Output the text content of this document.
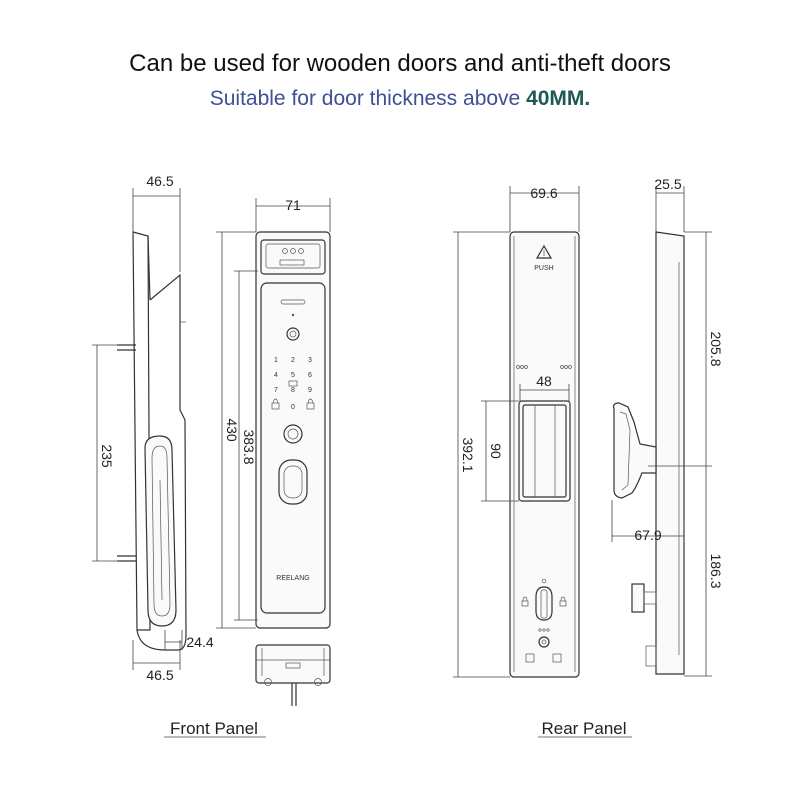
Can be used for wooden doors and anti-theft doors
Suitable for door thickness above 40MM.
46.5
46.5
235
24.4
1 2 3
4 5 6
7 8 9
0
REELANG
71
430 383.8
PUSH
69.6
392.1
48
90
25.5
205.8
186.3
67.9
Front Panel	Rear Panel
